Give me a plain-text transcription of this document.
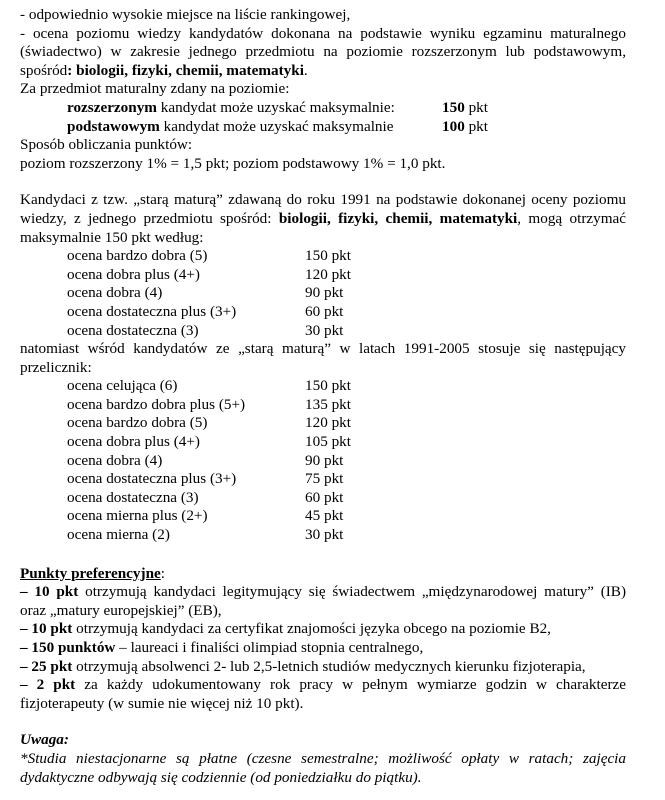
- odpowiednio wysokie miejsce na liście rankingowej,

- ocena poziomu wiedzy kandydatów dokonana na podstawie wyniku egzaminu maturalnego (świadectwo) w zakresie jednego przedmiotu na poziomie rozszerzonym lub podstawowym, spośród: biologii, fizyki, chemii, matematyki.

Za przedmiot maturalny zdany na poziomie:

rozszerzonym kandydat może uzyskać maksymalnie:	150 pkt
podstawowym kandydat może uzyskać maksymalnie	100 pkt

Sposób obliczania punktów:

poziom rozszerzony 1% = 1,5 pkt; poziom podstawowy 1% = 1,0 pkt.

Kandydaci z tzw. „starą maturą” zdawaną do roku 1991 na podstawie dokonanej oceny poziomu wiedzy, z jednego przedmiotu spośród: biologii, fizyki, chemii, matematyki, mogą otrzymać maksymalnie 150 pkt według:

ocena bardzo dobra (5)	150 pkt
ocena dobra plus (4+)	120 pkt
ocena dobra (4)	90 pkt
ocena dostateczna plus (3+)	60 pkt
ocena dostateczna (3)	30 pkt

natomiast wśród kandydatów ze „starą maturą” w latach 1991-2005 stosuje się następujący przelicznik:

ocena celująca (6)	150 pkt
ocena bardzo dobra plus (5+)	135 pkt
ocena bardzo dobra (5)	120 pkt
ocena dobra plus (4+)	105 pkt
ocena dobra (4)	90 pkt
ocena dostateczna plus (3+)	75 pkt
ocena dostateczna (3)	60 pkt
ocena mierna plus (2+)	45 pkt
ocena mierna (2)	30 pkt

Punkty preferencyjne:

– 10 pkt otrzymują kandydaci legitymujący się świadectwem „międzynarodowej matury” (IB) oraz „matury europejskiej” (EB),

– 10 pkt otrzymują kandydaci za certyfikat znajomości języka obcego na poziomie B2,

– 150 punktów – laureaci i finaliści olimpiad stopnia centralnego,

– 25 pkt otrzymują absolwenci 2- lub 2,5-letnich studiów medycznych kierunku fizjoterapia,

– 2 pkt za każdy udokumentowany rok pracy w pełnym wymiarze godzin w charakterze fizjoterapeuty (w sumie nie więcej niż 10 pkt).

Uwaga:

*Studia niestacjonarne są płatne (czesne semestralne; możliwość opłaty w ratach; zajęcia dydaktyczne odbywają się codziennie (od poniedziałku do piątku).
